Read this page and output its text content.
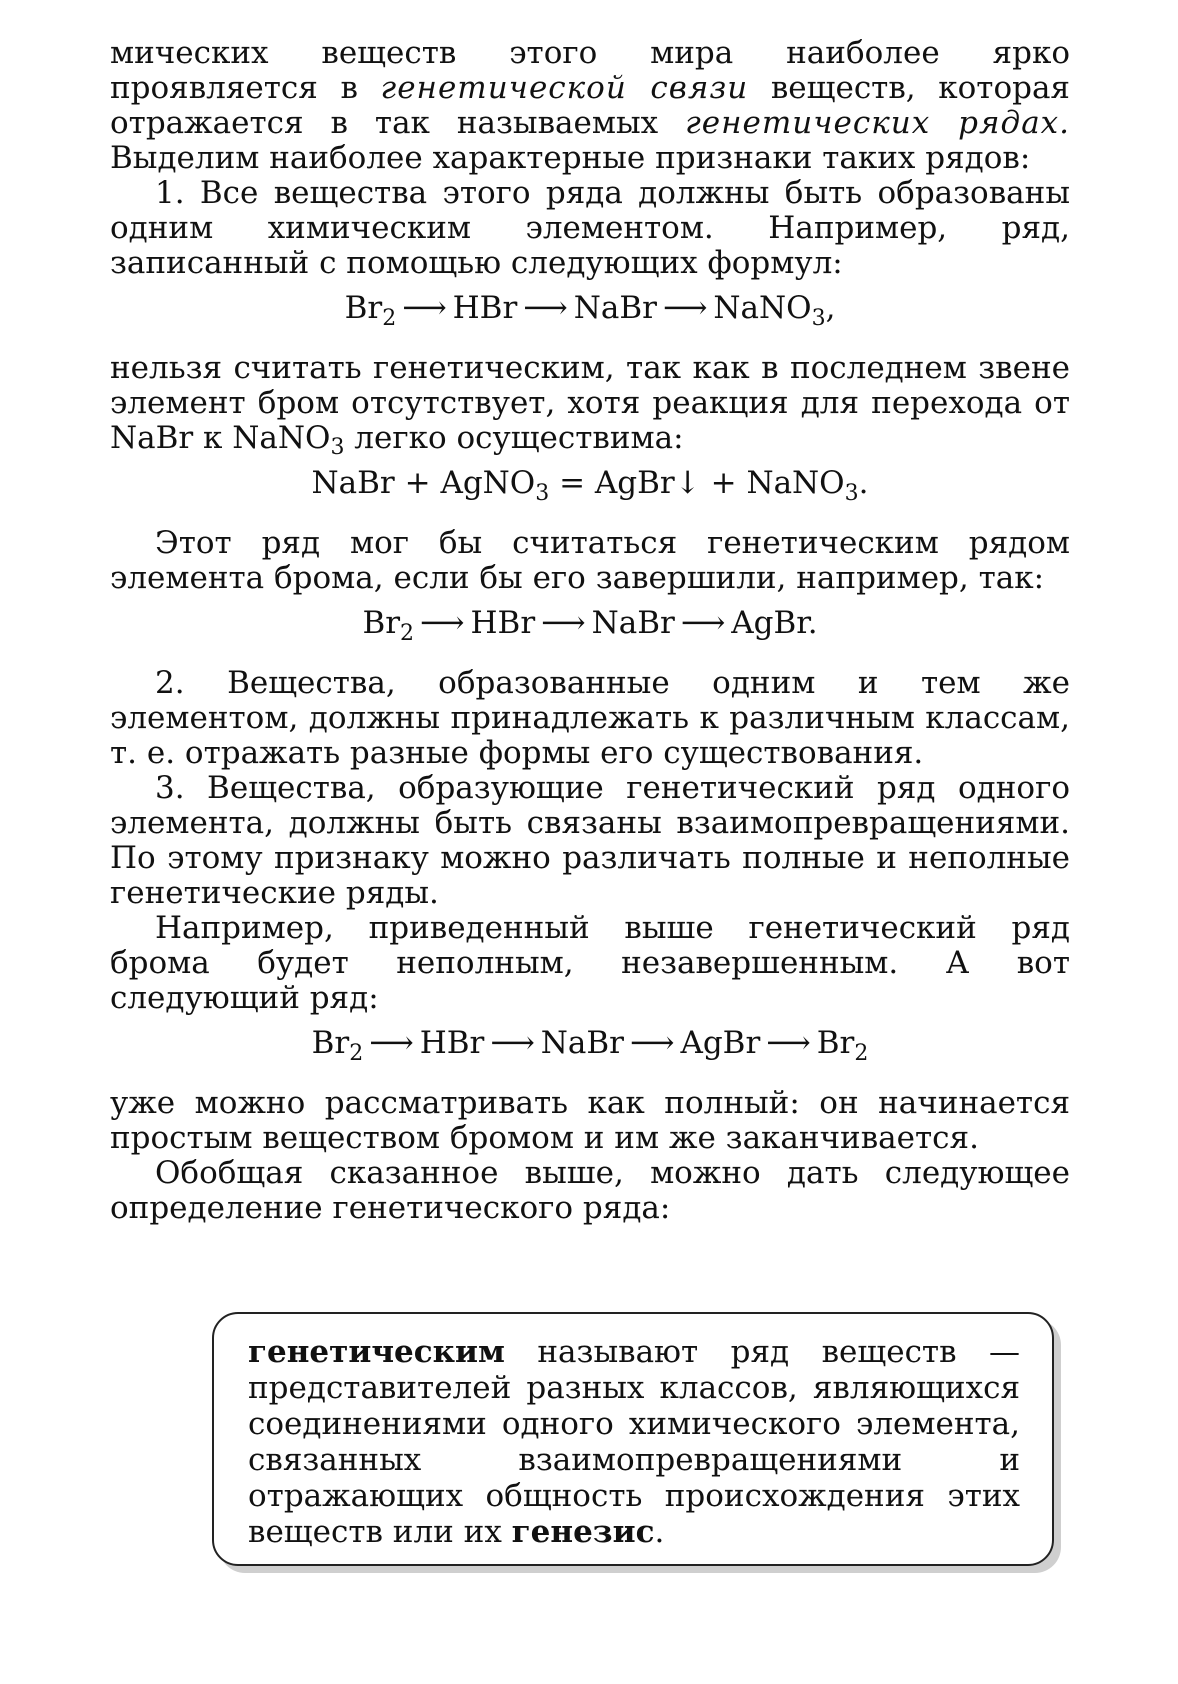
мических веществ этого мира наиболее ярко проявляется в генетической связи веществ, которая отражается в так называемых генетических рядах. Выделим наиболее характерные признаки таких рядов:

1. Все вещества этого ряда должны быть образованы одним химическим элементом. Например, ряд, записанный с помощью следующих формул:

$Br_2$ ⟶ HBr ⟶ NaBr ⟶ NaNO$_3$,

нельзя считать генетическим, так как в последнем звене элемент бром отсутствует, хотя реакция для перехода от NaBr к NaNO$_3$ легко осуществима:

NaBr + AgNO$_3$ = AgBr↓ + NaNO$_3$.

Этот ряд мог бы считаться генетическим рядом элемента брома, если бы его завершили, например, так:

$Br_2$ ⟶ HBr ⟶ NaBr ⟶ AgBr.

2. Вещества, образованные одним и тем же элементом, должны принадлежать к различным классам, т. е. отражать разные формы его существования.

3. Вещества, образующие генетический ряд одного элемента, должны быть связаны взаимопревращениями. По этому признаку можно различать полные и неполные генетические ряды.

Например, приведенный выше генетический ряд брома будет неполным, незавершенным. А вот следующий ряд:

$Br_2$ ⟶ HBr ⟶ NaBr ⟶ AgBr ⟶ $Br_2$

уже можно рассматривать как полный: он начинается простым веществом бромом и им же заканчивается.

Обобщая сказанное выше, можно дать следующее определение генетического ряда:

генетическим называют ряд веществ — представителей разных классов, являющихся соединениями одного химического элемента, связанных взаимопревращениями и отражающих общность происхождения этих веществ или их генезис.
